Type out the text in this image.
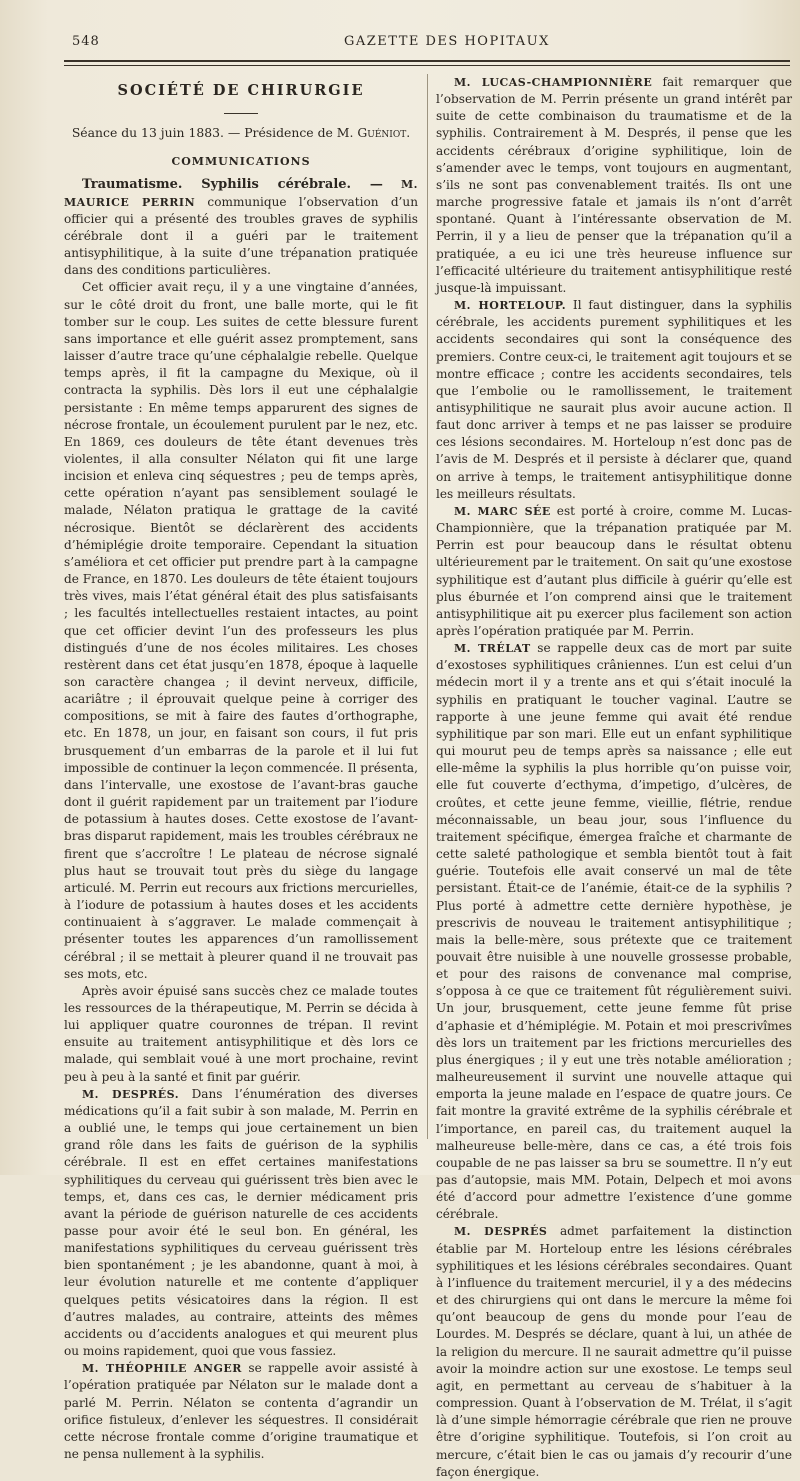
548	GAZETTE DES HOPITAUX
SOCIÉTÉ DE CHIRURGIE
Séance du 13 juin 1883. — Présidence de M. Guéniot.
COMMUNICATIONS

Traumatisme. Syphilis cérébrale. — M. MAURICE PERRIN communique l’observation d’un officier qui a présenté des troubles graves de syphilis cérébrale dont il a guéri par le traitement antisyphilitique, à la suite d’une trépanation pratiquée dans des conditions particulières.

Cet officier avait reçu, il y a une vingtaine d’années, sur le côté droit du front, une balle morte, qui le fit tomber sur le coup. Les suites de cette blessure furent sans importance et elle guérit assez promptement, sans laisser d’autre trace qu’une céphalalgie rebelle. Quelque temps après, il fit la campagne du Mexique, où il contracta la syphilis. Dès lors il eut une céphalalgie persistante : En même temps apparurent des signes de nécrose frontale, un écoulement purulent par le nez, etc. En 1869, ces douleurs de tête étant devenues très violentes, il alla consulter Nélaton qui fit une large incision et enleva cinq séquestres ; peu de temps après, cette opération n’ayant pas sensiblement soulagé le malade, Nélaton pratiqua le grattage de la cavité nécrosique. Bientôt se déclarèrent des accidents d’hémiplégie droite temporaire. Cependant la situation s’améliora et cet officier put prendre part à la campagne de France, en 1870. Les douleurs de tête étaient toujours très vives, mais l’état général était des plus satisfaisants ; les facultés intellectuelles restaient intactes, au point que cet officier devint l’un des professeurs les plus distingués d’une de nos écoles militaires. Les choses restèrent dans cet état jusqu’en 1878, époque à laquelle son caractère changea ; il devint nerveux, difficile, acariâtre ; il éprouvait quelque peine à corriger des compositions, se mit à faire des fautes d’orthographe, etc. En 1878, un jour, en faisant son cours, il fut pris brusquement d’un embarras de la parole et il lui fut impossible de continuer la leçon commencée. Il présenta, dans l’intervalle, une exostose de l’avant-bras gauche dont il guérit rapidement par un traitement par l’iodure de potassium à hautes doses. Cette exostose de l’avant-bras disparut rapidement, mais les troubles cérébraux ne firent que s’accroître ! Le plateau de nécrose signalé plus haut se trouvait tout près du siège du langage articulé. M. Perrin eut recours aux frictions mercurielles, à l’iodure de potassium à hautes doses et les accidents continuaient à s’aggraver. Le malade commençait à présenter toutes les apparences d’un ramollissement cérébral ; il se mettait à pleurer quand il ne trouvait pas ses mots, etc.

Après avoir épuisé sans succès chez ce malade toutes les ressources de la thérapeutique, M. Perrin se décida à lui appliquer quatre couronnes de trépan. Il revint ensuite au traitement antisyphilitique et dès lors ce malade, qui semblait voué à une mort prochaine, revint peu à peu à la santé et finit par guérir.

M. DESPRÉS. Dans l’énumération des diverses médications qu’il a fait subir à son malade, M. Perrin en a oublié une, le temps qui joue certainement un bien grand rôle dans les faits de guérison de la syphilis cérébrale. Il est en effet certaines manifestations syphilitiques du cerveau qui guérissent très bien avec le temps, et, dans ces cas, le dernier médicament pris avant la période de guérison naturelle de ces accidents passe pour avoir été le seul bon. En général, les manifestations syphilitiques du cerveau guérissent très bien spontanément ; je les abandonne, quant à moi, à leur évolution naturelle et me contente d’appliquer quelques petits vésicatoires dans la région. Il est d’autres malades, au contraire, atteints des mêmes accidents ou d’accidents analogues et qui meurent plus ou moins rapidement, quoi que vous fassiez.

M. THÉOPHILE ANGER se rappelle avoir assisté à l’opération pratiquée par Nélaton sur le malade dont a parlé M. Perrin. Nélaton se contenta d’agrandir un orifice fistuleux, d’enlever les séquestres. Il considérait cette nécrose frontale comme d’origine traumatique et ne pensa nullement à la syphilis.

M. LUCAS-CHAMPIONNIÈRE fait remarquer que l’observation de M. Perrin présente un grand intérêt par suite de cette combinaison du traumatisme et de la syphilis. Contrairement à M. Després, il pense que les accidents cérébraux d’origine syphilitique, loin de s’amender avec le temps, vont toujours en augmentant, s’ils ne sont pas convenablement traités. Ils ont une marche progressive fatale et jamais ils n’ont d’arrêt spontané. Quant à l’intéressante observation de M. Perrin, il y a lieu de penser que la trépanation qu’il a pratiquée, a eu ici une très heureuse influence sur l’efficacité ultérieure du traitement antisyphilitique resté jusque-là impuissant.

M. HORTELOUP. Il faut distinguer, dans la syphilis cérébrale, les accidents purement syphilitiques et les accidents secondaires qui sont la conséquence des premiers. Contre ceux-ci, le traitement agit toujours et se montre efficace ; contre les accidents secondaires, tels que l’embolie ou le ramollissement, le traitement antisyphilitique ne saurait plus avoir aucune action. Il faut donc arriver à temps et ne pas laisser se produire ces lésions secondaires. M. Horteloup n’est donc pas de l’avis de M. Després et il persiste à déclarer que, quand on arrive à temps, le traitement antisyphilitique donne les meilleurs résultats.

M. MARC SÉE est porté à croire, comme M. Lucas-Championnière, que la trépanation pratiquée par M. Perrin est pour beaucoup dans le résultat obtenu ultérieurement par le traitement. On sait qu’une exostose syphilitique est d’autant plus difficile à guérir qu’elle est plus éburnée et l’on comprend ainsi que le traitement antisyphilitique ait pu exercer plus facilement son action après l’opération pratiquée par M. Perrin.

M. TRÉLAT se rappelle deux cas de mort par suite d’exostoses syphilitiques crâniennes. L’un est celui d’un médecin mort il y a trente ans et qui s’était inoculé la syphilis en pratiquant le toucher vaginal. L’autre se rapporte à une jeune femme qui avait été rendue syphilitique par son mari. Elle eut un enfant syphilitique qui mourut peu de temps après sa naissance ; elle eut elle-même la syphilis la plus horrible qu’on puisse voir, elle fut couverte d’ecthyma, d’impetigo, d’ulcères, de croûtes, et cette jeune femme, vieillie, flétrie, rendue méconnaissable, un beau jour, sous l’influence du traitement spécifique, émergea fraîche et charmante de cette saleté pathologique et sembla bientôt tout à fait guérie. Toutefois elle avait conservé un mal de tête persistant. Était-ce de l’anémie, était-ce de la syphilis ? Plus porté à admettre cette dernière hypothèse, je prescrivis de nouveau le traitement antisyphilitique ; mais la belle-mère, sous prétexte que ce traitement pouvait être nuisible à une nouvelle grossesse probable, et pour des raisons de convenance mal comprise, s’opposa à ce que ce traitement fût régulièrement suivi. Un jour, brusquement, cette jeune femme fût prise d’aphasie et d’hémiplégie. M. Potain et moi prescrivîmes dès lors un traitement par les frictions mercurielles des plus énergiques ; il y eut une très notable amélioration ; malheureusement il survint une nouvelle attaque qui emporta la jeune malade en l’espace de quatre jours. Ce fait montre la gravité extrême de la syphilis cérébrale et l’importance, en pareil cas, du traitement auquel la malheureuse belle-mère, dans ce cas, a été trois fois coupable de ne pas laisser sa bru se soumettre. Il n’y eut pas d’autopsie, mais MM. Potain, Delpech et moi avons été d’accord pour admettre l’existence d’une gomme cérébrale.

M. DESPRÉS admet parfaitement la distinction établie par M. Horteloup entre les lésions cérébrales syphilitiques et les lésions cérébrales secondaires. Quant à l’influence du traitement mercuriel, il y a des médecins et des chirurgiens qui ont dans le mercure la même foi qu’ont beaucoup de gens du monde pour l’eau de Lourdes. M. Després se déclare, quant à lui, un athée de la religion du mercure. Il ne saurait admettre qu’il puisse avoir la moindre action sur une exostose. Le temps seul agit, en permettant au cerveau de s’habituer à la compression. Quant à l’observation de M. Trélat, il s’agit là d’une simple hémorragie cérébrale que rien ne prouve être d’origine syphilitique. Toutefois, si l’on croit au mercure, c’était bien le cas ou jamais d’y recourir d’une façon énergique.
